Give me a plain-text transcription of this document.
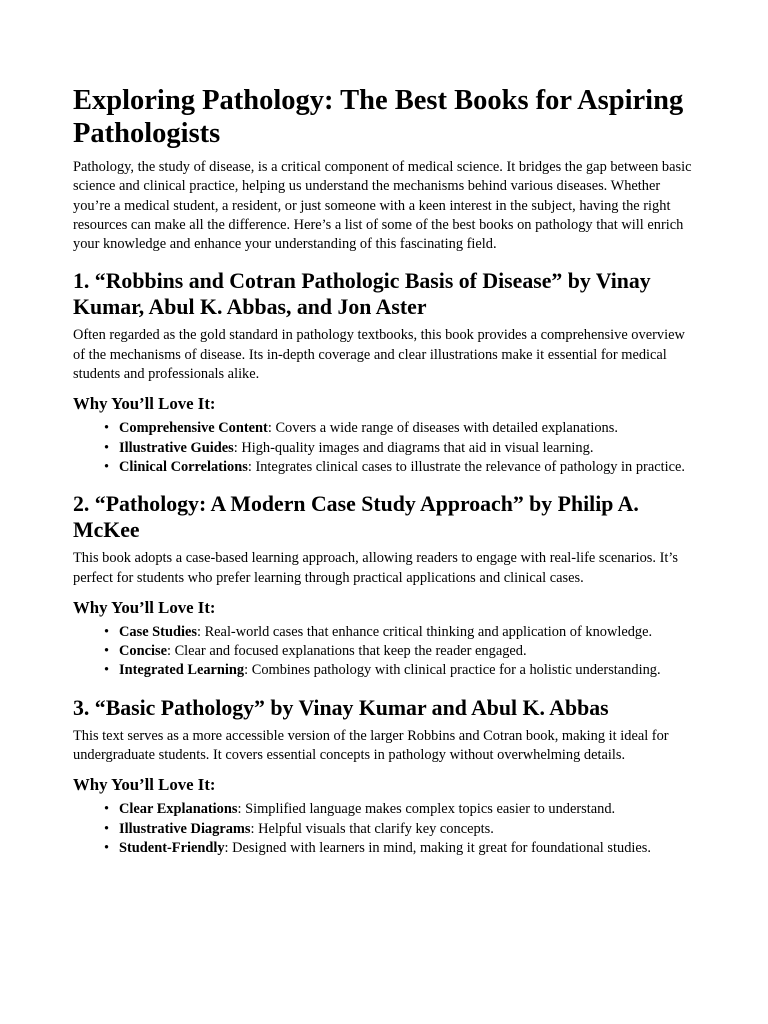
Exploring Pathology: The Best Books for Aspiring Pathologists

Pathology, the study of disease, is a critical component of medical science. It bridges the gap between basic science and clinical practice, helping us understand the mechanisms behind various diseases. Whether you’re a medical student, a resident, or just someone with a keen interest in the subject, having the right resources can make all the difference. Here’s a list of some of the best books on pathology that will enrich your knowledge and enhance your understanding of this fascinating field.

1. “Robbins and Cotran Pathologic Basis of Disease” by Vinay Kumar, Abul K. Abbas, and Jon Aster

Often regarded as the gold standard in pathology textbooks, this book provides a comprehensive overview of the mechanisms of disease. Its in-depth coverage and clear illustrations make it essential for medical students and professionals alike.

Why You’ll Love It:
• Comprehensive Content: Covers a wide range of diseases with detailed explanations.
• Illustrative Guides: High-quality images and diagrams that aid in visual learning.
• Clinical Correlations: Integrates clinical cases to illustrate the relevance of pathology in practice.
2. “Pathology: A Modern Case Study Approach” by Philip A. McKee

This book adopts a case-based learning approach, allowing readers to engage with real-life scenarios. It’s perfect for students who prefer learning through practical applications and clinical cases.

Why You’ll Love It:
• Case Studies: Real-world cases that enhance critical thinking and application of knowledge.
• Concise: Clear and focused explanations that keep the reader engaged.
• Integrated Learning: Combines pathology with clinical practice for a holistic understanding.
3. “Basic Pathology” by Vinay Kumar and Abul K. Abbas

This text serves as a more accessible version of the larger Robbins and Cotran book, making it ideal for undergraduate students. It covers essential concepts in pathology without overwhelming details.

Why You’ll Love It:
• Clear Explanations: Simplified language makes complex topics easier to understand.
• Illustrative Diagrams: Helpful visuals that clarify key concepts.
• Student-Friendly: Designed with learners in mind, making it great for foundational studies.
